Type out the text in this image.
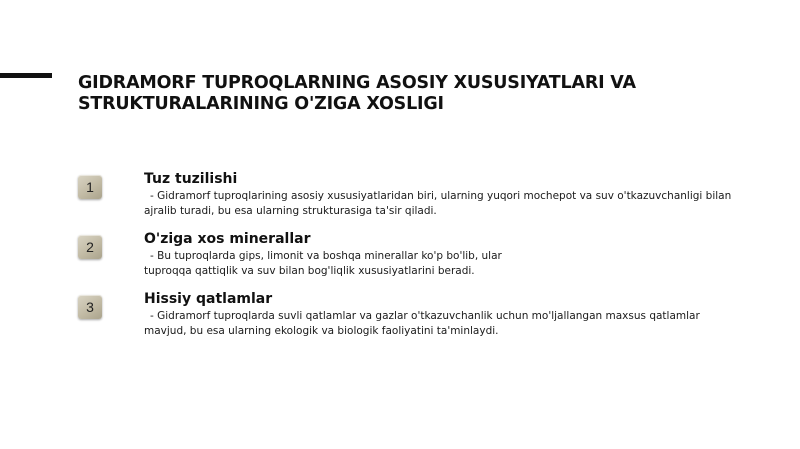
GIDRAMORF TUPROQLARNING ASOSIY XUSUSIYATLARI VA STRUKTURALARINING O'ZIGA XOSLIGI
1	Tuz tuzilishi

- Gidramorf tuproqlarining asosiy xususiyatlaridan biri, ularning yuqori mochepot va suv o'tkazuvchanligi bilan ajralib turadi, bu esa ularning strukturasiga ta'sir qiladi.

2	O'ziga xos minerallar

- Bu tuproqlarda gips, limonit va boshqa minerallar ko'p bo'lib, ular tuproqqa qattiqlik va suv bilan bog'liqlik xususiyatlarini beradi.

3	Hissiy qatlamlar

- Gidramorf tuproqlarda suvli qatlamlar va gazlar o'tkazuvchanlik uchun mo'ljallangan maxsus qatlamlar mavjud, bu esa ularning ekologik va biologik faoliyatini ta'minlaydi.
